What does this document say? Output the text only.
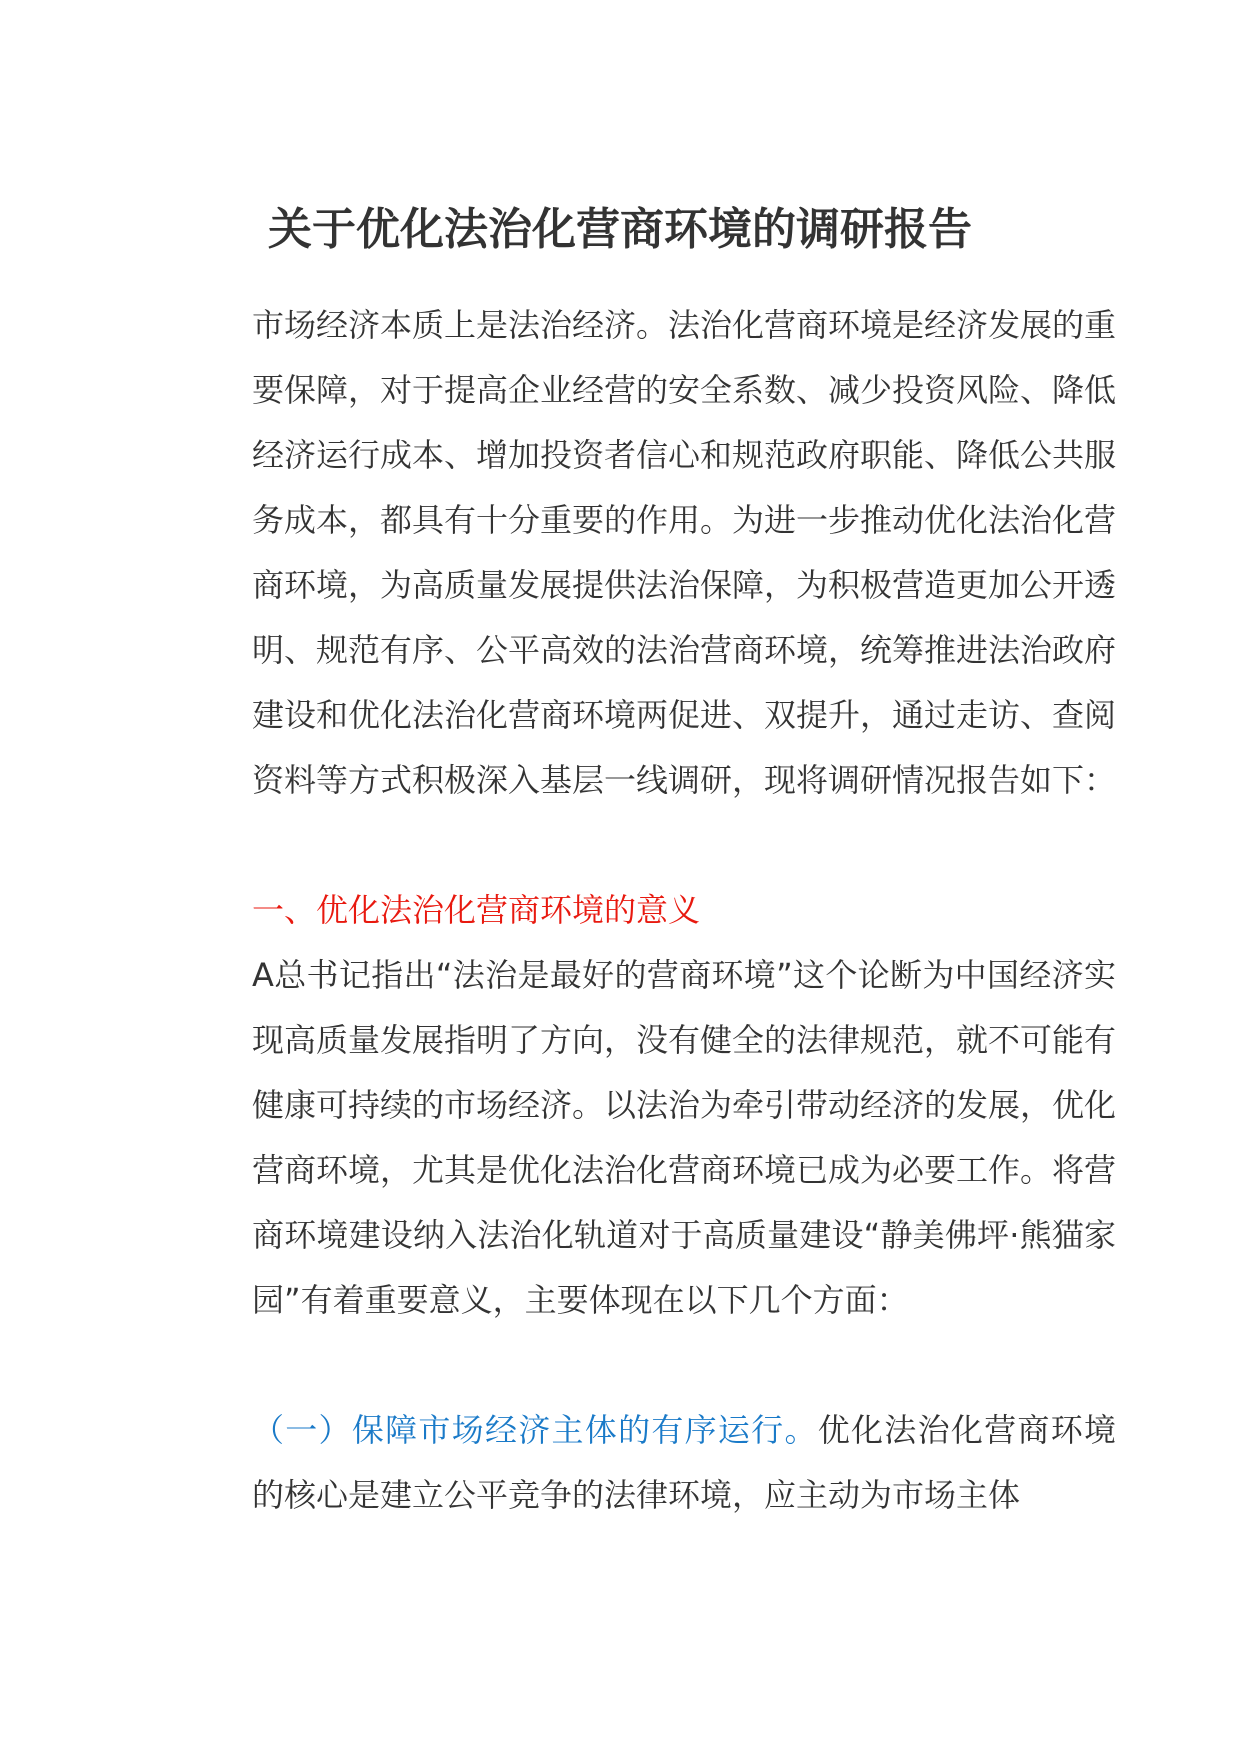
关于优化法治化营商环境的调研报告

市场经济本质上是法治经济。法治化营商环境是经济发展的重要保障，对于提高企业经营的安全系数、减少投资风险、降低经济运行成本、增加投资者信心和规范政府职能、降低公共服务成本，都具有十分重要的作用。为进一步推动优化法治化营商环境，为高质量发展提供法治保障，为积极营造更加公开透明、规范有序、公平高效的法治营商环境，统筹推进法治政府建设和优化法治化营商环境两促进、双提升，通过走访、查阅资料等方式积极深入基层一线调研，现将调研情况报告如下：

一、优化法治化营商环境的意义

A总书记指出“法治是最好的营商环境”这个论断为中国经济实现高质量发展指明了方向，没有健全的法律规范，就不可能有健康可持续的市场经济。以法治为牵引带动经济的发展，优化营商环境，尤其是优化法治化营商环境已成为必要工作。将营商环境建设纳入法治化轨道对于高质量建设“静美佛坪·熊猫家园”有着重要意义，主要体现在以下几个方面：

（一）保障市场经济主体的有序运行。优化法治化营商环境的核心是建立公平竞争的法律环境，应主动为市场主体
